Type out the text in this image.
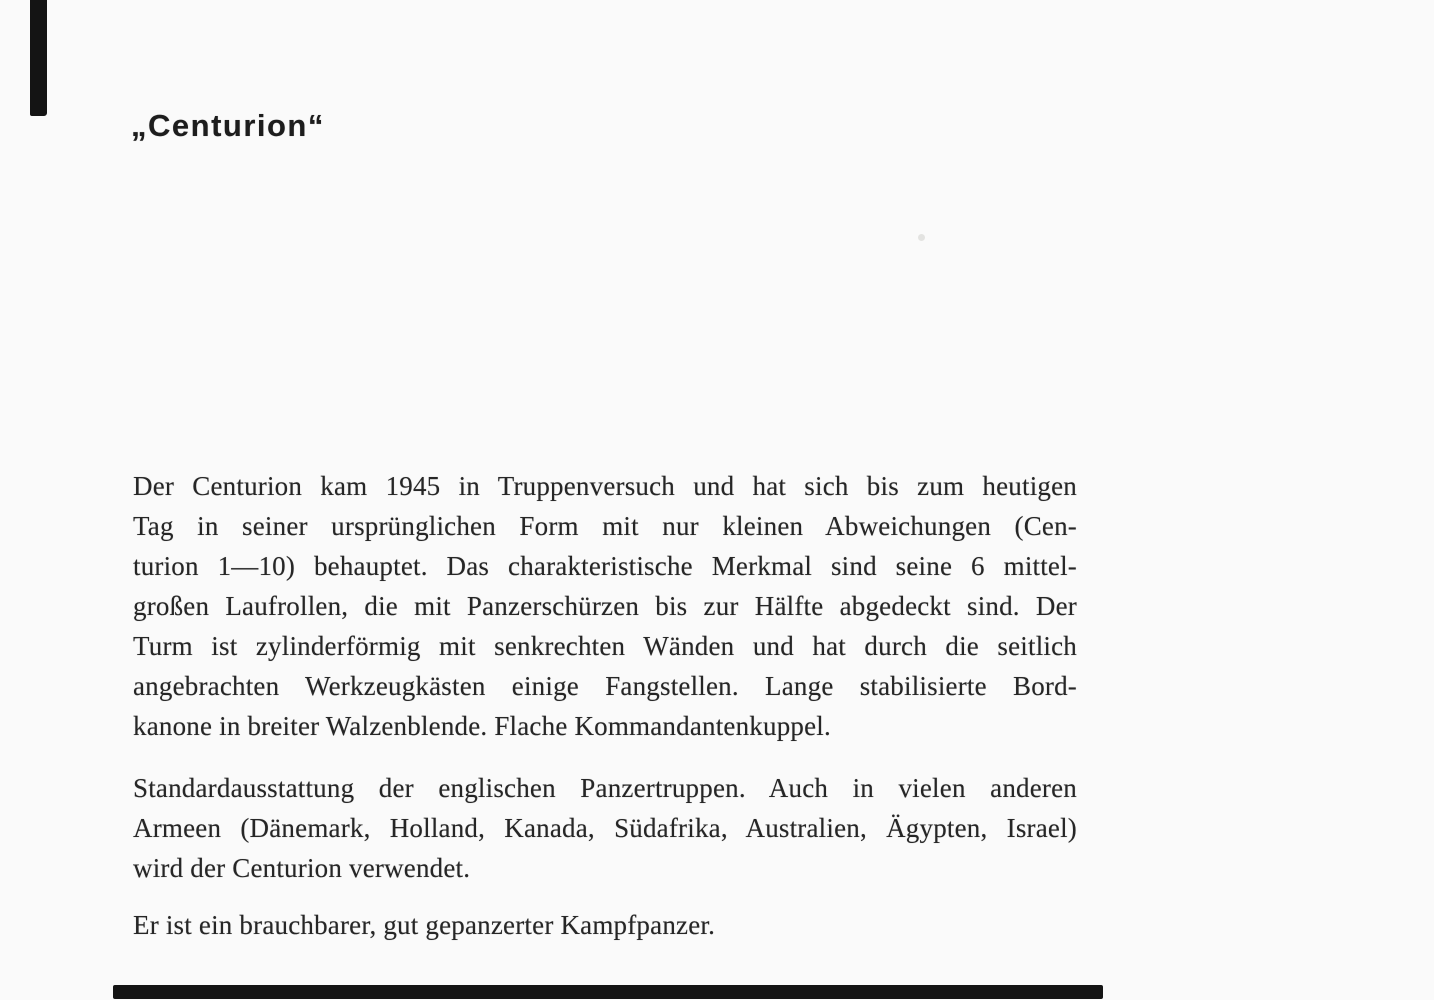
„Centurion“
Der Centurion kam 1945 in Truppenversuch und hat sich bis zum heutigen
Tag in seiner ursprünglichen Form mit nur kleinen Abweichungen (Cen-
turion 1—10) behauptet. Das charakteristische Merkmal sind seine 6 mittel-
großen Laufrollen, die mit Panzerschürzen bis zur Hälfte abgedeckt sind. Der
Turm ist zylinderförmig mit senkrechten Wänden und hat durch die seitlich
angebrachten Werkzeugkästen einige Fangstellen. Lange stabilisierte Bord-
kanone in breiter Walzenblende. Flache Kommandantenkuppel.
Standardausstattung der englischen Panzertruppen. Auch in vielen anderen
Armeen (Dänemark, Holland, Kanada, Südafrika, Australien, Ägypten, Israel)
wird der Centurion verwendet.
Er ist ein brauchbarer, gut gepanzerter Kampfpanzer.
